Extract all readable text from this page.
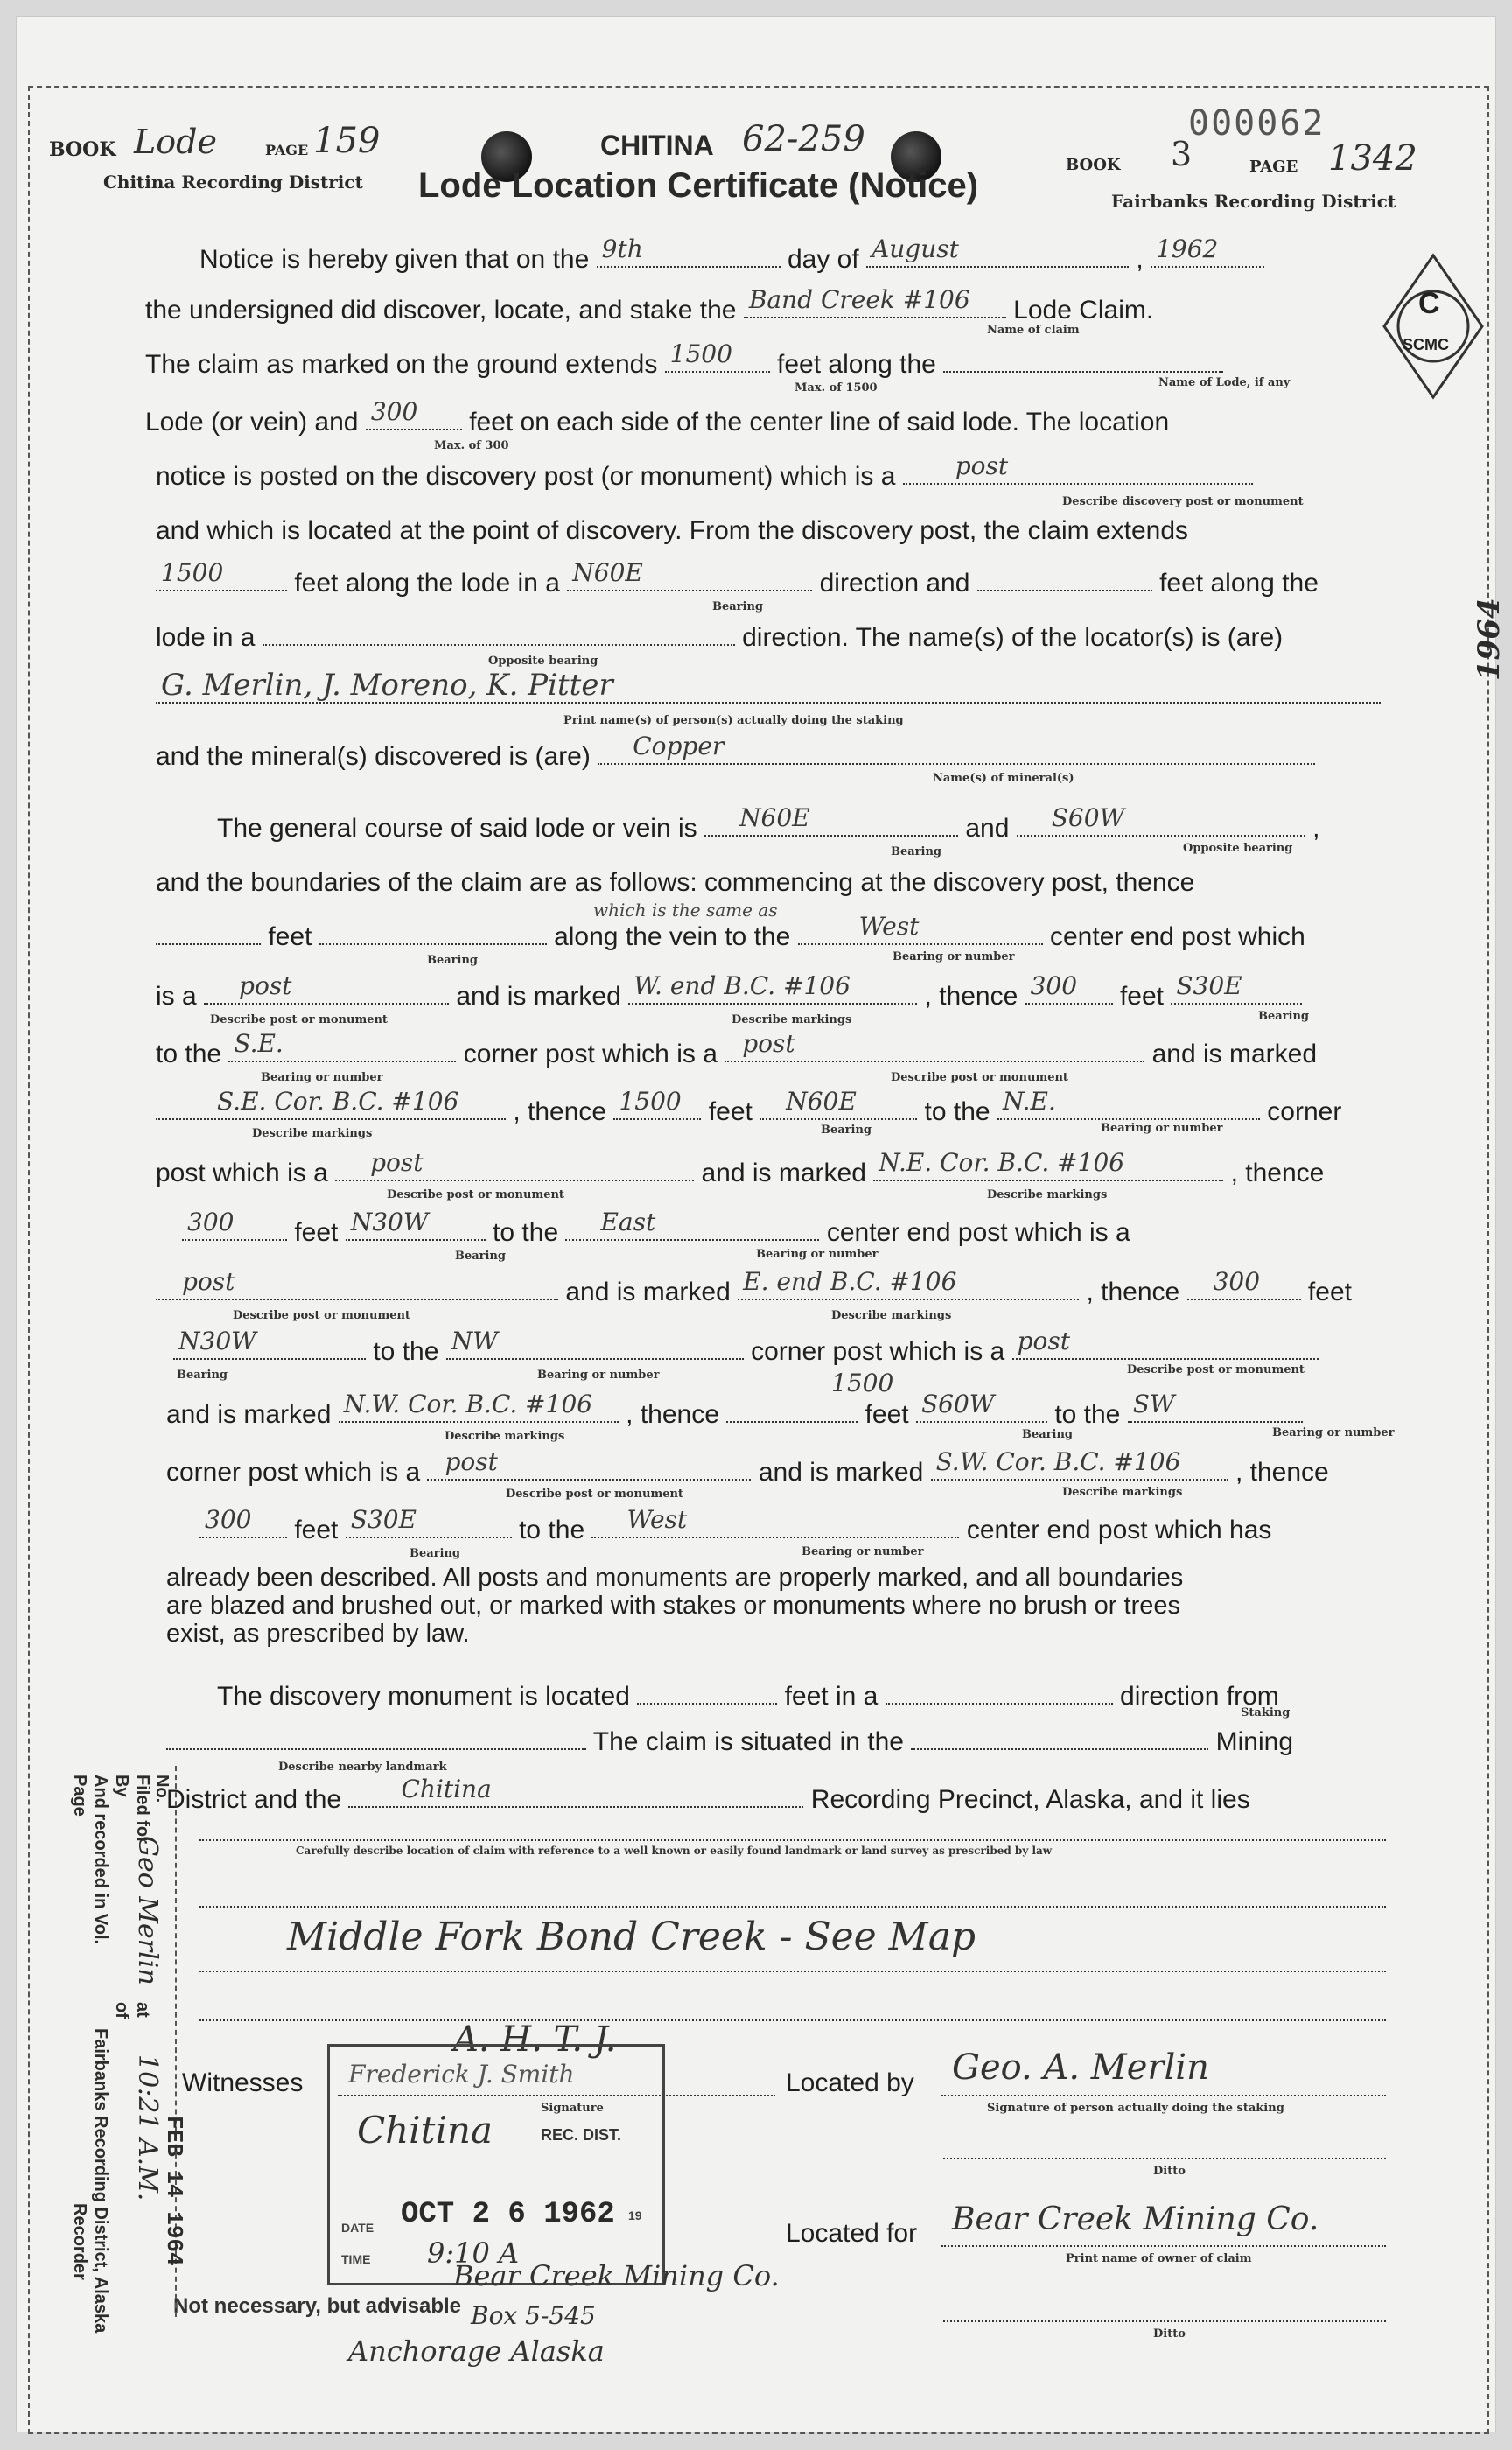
BOOK Lode	PAGE 159
Chitina Recording District
CHITINA 62-259
Lode Location Certificate (Notice)
BOOK 3
000062
PAGE 1342
Fairbanks Recording District
C
SCMC
1964
Notice is hereby given that on the 9th	day of August	, 1962
the undersigned did discover, locate, and stake the Band Creek #106 Lode Claim.
Name of claim
The claim as marked on the ground extends 1500 feet along the
Max. of 1500	Name of Lode, if any
Lode (or vein) and 300 feet on each side of the center line of said lode. The location
Max. of 300
notice is posted on the discovery post (or monument) which is a post
Describe discovery post or monument
and which is located at the point of discovery. From the discovery post, the claim extends
1500	feet along the lode in a N60E	direction and	feet along the
Bearing
lode in a	direction. The name(s) of the locator(s) is (are)
Opposite bearing
G. Merlin, J. Moreno, K. Pitter
Print name(s) of person(s) actually doing the staking
and the mineral(s) discovered is (are) Copper
Name(s) of mineral(s)
The general course of said lode or vein is N60E	and S60W	,
Bearing	Opposite bearing
and the boundaries of the claim are as follows: commencing at the discovery post, thence
which is the same as
feet	along the vein to the	West	center end post which
Bearing	Bearing or number
is a post	and is marked W. end B.C. #106	, thence 300 feet S30E
Describe post or monument	Describe markings	Bearing
to the S.E.	corner post which is a post	and is marked
Bearing or number	Describe post or monument
S.E. Cor. B.C. #106 , thence 1500 feet N60E	to the N.E.	corner
Describe markings	Bearing	Bearing or number
post which is a post	and is marked N.E. Cor. B.C. #106	, thence
Describe post or monument	Describe markings
300 feet N30W to the East	center end post which is a
Bearing	Bearing or number
post	and is marked E. end B.C. #106	, thence 300 feet
Describe post or monument	Describe markings
N30W	to the NW	corner post which is a post
Bearing	Bearing or number	Describe post or monument
1500
and is marked N.W. Cor. B.C. #106 , thence	feet S60W to the SW
Describe markings	Bearing	Bearing or number
corner post which is a post	and is marked S.W. Cor. B.C. #106 , thence
Describe post or monument	Describe markings
300 feet S30E	to the West	center end post which has
Bearing	Bearing or number
already been described. All posts and monuments are properly marked, and all boundaries
are blazed and brushed out, or marked with stakes or monuments where no brush or trees
exist, as prescribed by law.
The discovery monument is located	feet in a	direction from
Staking
The claim is situated in the	Mining
Describe nearby landmark
District and the Chitina	Recording Precinct, Alaska, and it lies
Carefully describe location of claim with reference to a well known or easily found landmark or land survey as prescribed by law
Middle Fork Bond Creek - See Map
Witnesses
A. H. T. J.
Frederick J. Smith
Signature
Located by Geo. A. Merlin
Signature of person actually doing the staking
Ditto
Located for Bear Creek Mining Co.
Print name of owner of claim
Ditto
Chitina	REC. DIST.
DATE OCT 2 6 1962 19
TIME 9:10 A
Not necessary, but advisable
Bear Creek Mining Co.
Box 5-545
Anchorage Alaska
Page And recorded in Vol. By Filed for No.
Fairbanks Recording District, Alaska
Recorder
at
of
Geo Merlin
10:21 A.M.
FEB 14 1964
